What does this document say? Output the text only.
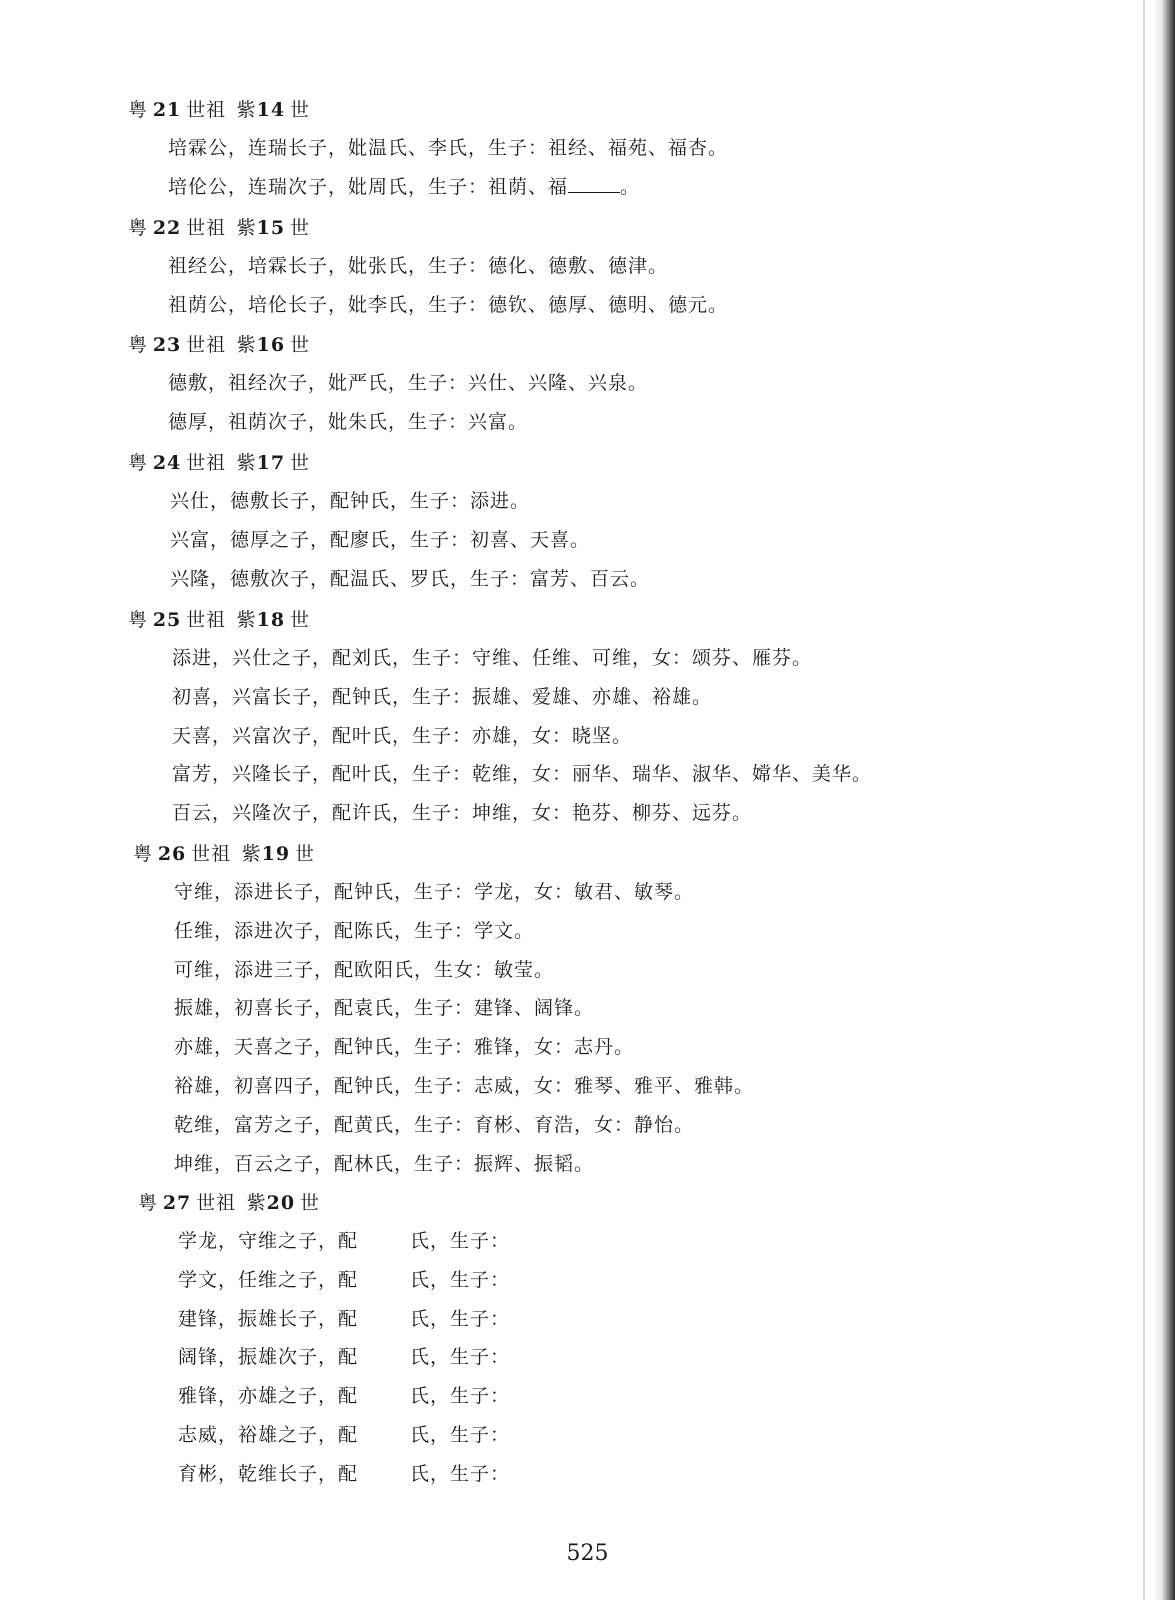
粤  21  世祖  紫14  世
培霖公，连瑞长子，妣温氏、李氏，生子：祖经、福苑、福杏。
培伦公，连瑞次子，妣周氏，生子：祖荫、福	。
粤  22  世祖  紫15  世
祖经公，培霖长子，妣张氏，生子：德化、德敷、德津。
祖荫公，培伦长子，妣李氏，生子：德钦、德厚、德明、德元。
粤  23  世祖  紫16  世
德敷，祖经次子，妣严氏，生子：兴仕、兴隆、兴泉。
德厚，祖荫次子，妣朱氏，生子：兴富。
粤  24  世祖  紫17  世
兴仕，德敷长子，配钟氏，生子：添进。
兴富，德厚之子，配廖氏，生子：初喜、天喜。
兴隆，德敷次子，配温氏、罗氏，生子：富芳、百云。
粤  25  世祖  紫18  世
添进，兴仕之子，配刘氏，生子：守维、任维、可维，女：颂芬、雁芬。
初喜，兴富长子，配钟氏，生子：振雄、爱雄、亦雄、裕雄。
天喜，兴富次子，配叶氏，生子：亦雄，女：晓坚。
富芳，兴隆长子，配叶氏，生子：乾维，女：丽华、瑞华、淑华、嫦华、美华。
百云，兴隆次子，配许氏，生子：坤维，女：艳芬、柳芬、远芬。
粤  26  世祖  紫19  世
守维，添进长子，配钟氏，生子：学龙，女：敏君、敏琴。
任维，添进次子，配陈氏，生子：学文。
可维，添进三子，配欧阳氏，生女：敏莹。
振雄，初喜长子，配袁氏，生子：建锋、阔锋。
亦雄，天喜之子，配钟氏，生子：雅锋，女：志丹。
裕雄，初喜四子，配钟氏，生子：志威，女：雅琴、雅平、雅韩。
乾维，富芳之子，配黄氏，生子：育彬、育浩，女：静怡。
坤维，百云之子，配林氏，生子：振辉、振韬。
粤  27  世祖  紫20  世
学龙，守维之子，配	氏，生子：
学文，任维之子，配	氏，生子：
建锋，振雄长子，配	氏，生子：
阔锋，振雄次子，配	氏，生子：
雅锋，亦雄之子，配	氏，生子：
志威，裕雄之子，配	氏，生子：
育彬，乾维长子，配	氏，生子：
525
